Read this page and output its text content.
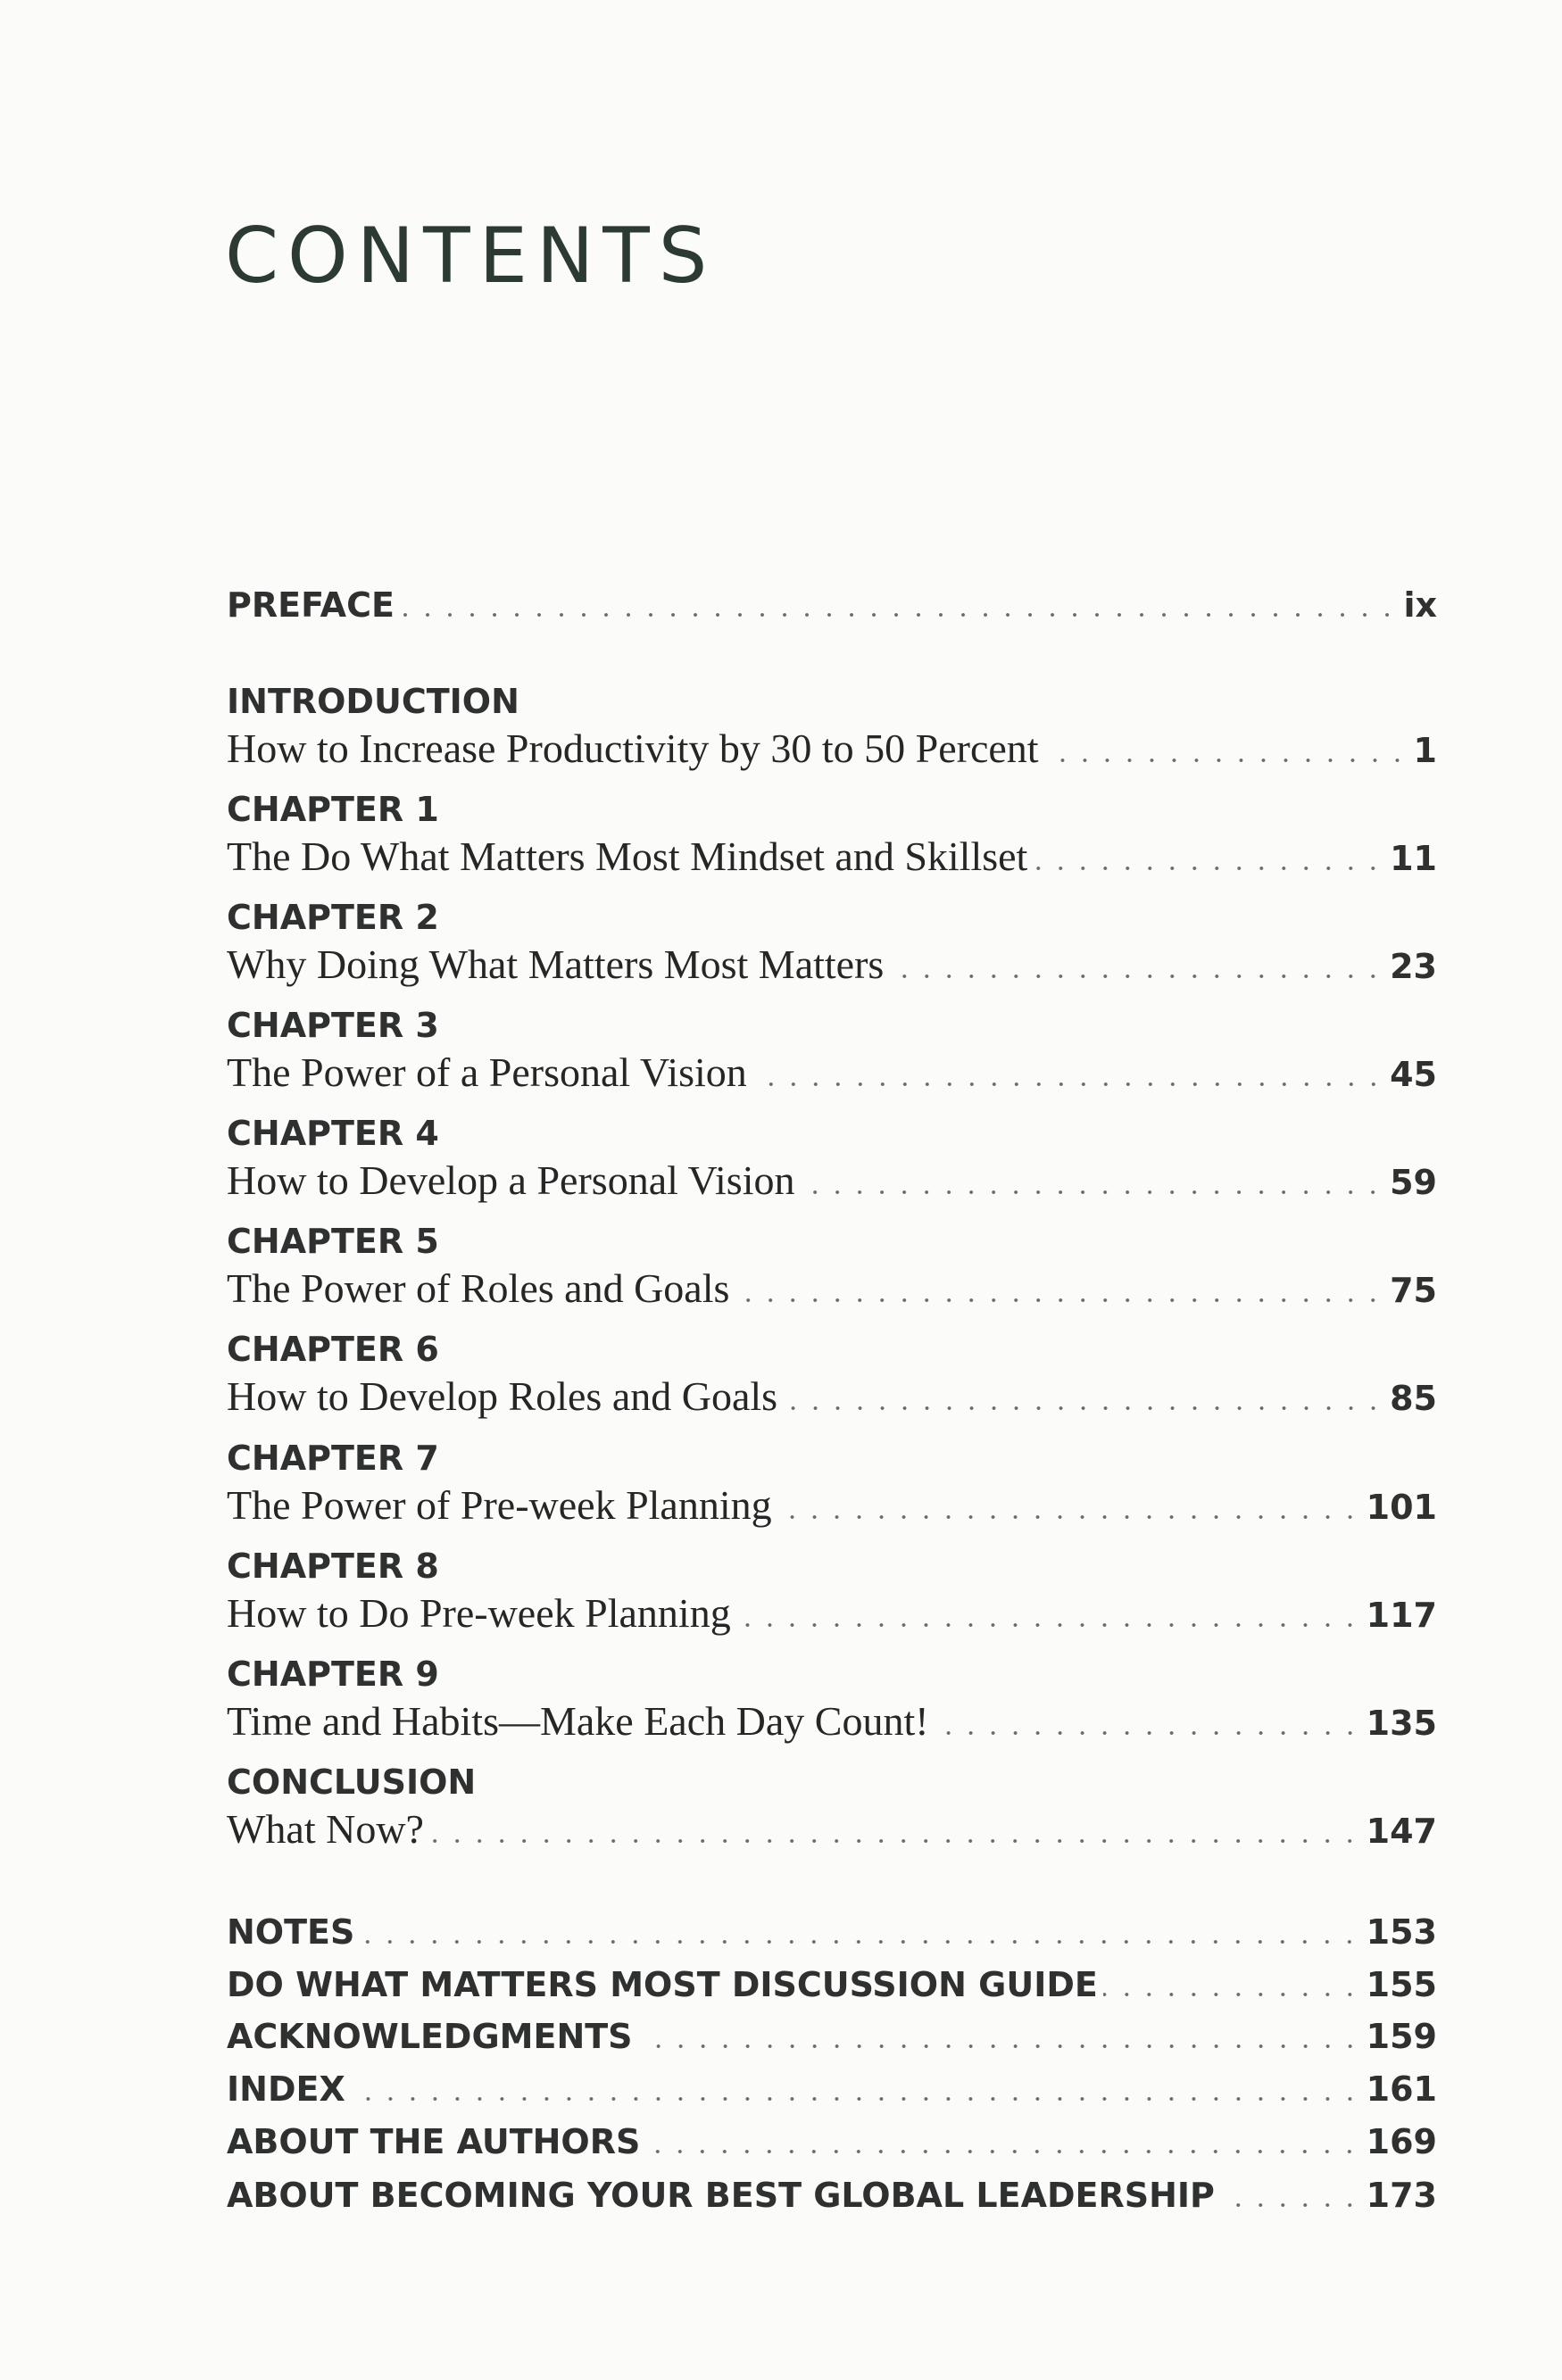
CONTENTS
PREFACE	ix
INTRODUCTION
How to Increase Productivity by 30 to 50 Percent	1
CHAPTER 1
The Do What Matters Most Mindset and Skillset	11
CHAPTER 2
Why Doing What Matters Most Matters	23
CHAPTER 3
The Power of a Personal Vision	45
CHAPTER 4
How to Develop a Personal Vision	59
CHAPTER 5
The Power of Roles and Goals	75
CHAPTER 6
How to Develop Roles and Goals	85
CHAPTER 7
The Power of Pre-week Planning	101
CHAPTER 8
How to Do Pre-week Planning	117
CHAPTER 9
Time and Habits—Make Each Day Count!	135
CONCLUSION
What Now?	147
NOTES	153
DO WHAT MATTERS MOST DISCUSSION GUIDE	155
ACKNOWLEDGMENTS	159
INDEX	161
ABOUT THE AUTHORS	169
ABOUT BECOMING YOUR BEST GLOBAL LEADERSHIP	173
